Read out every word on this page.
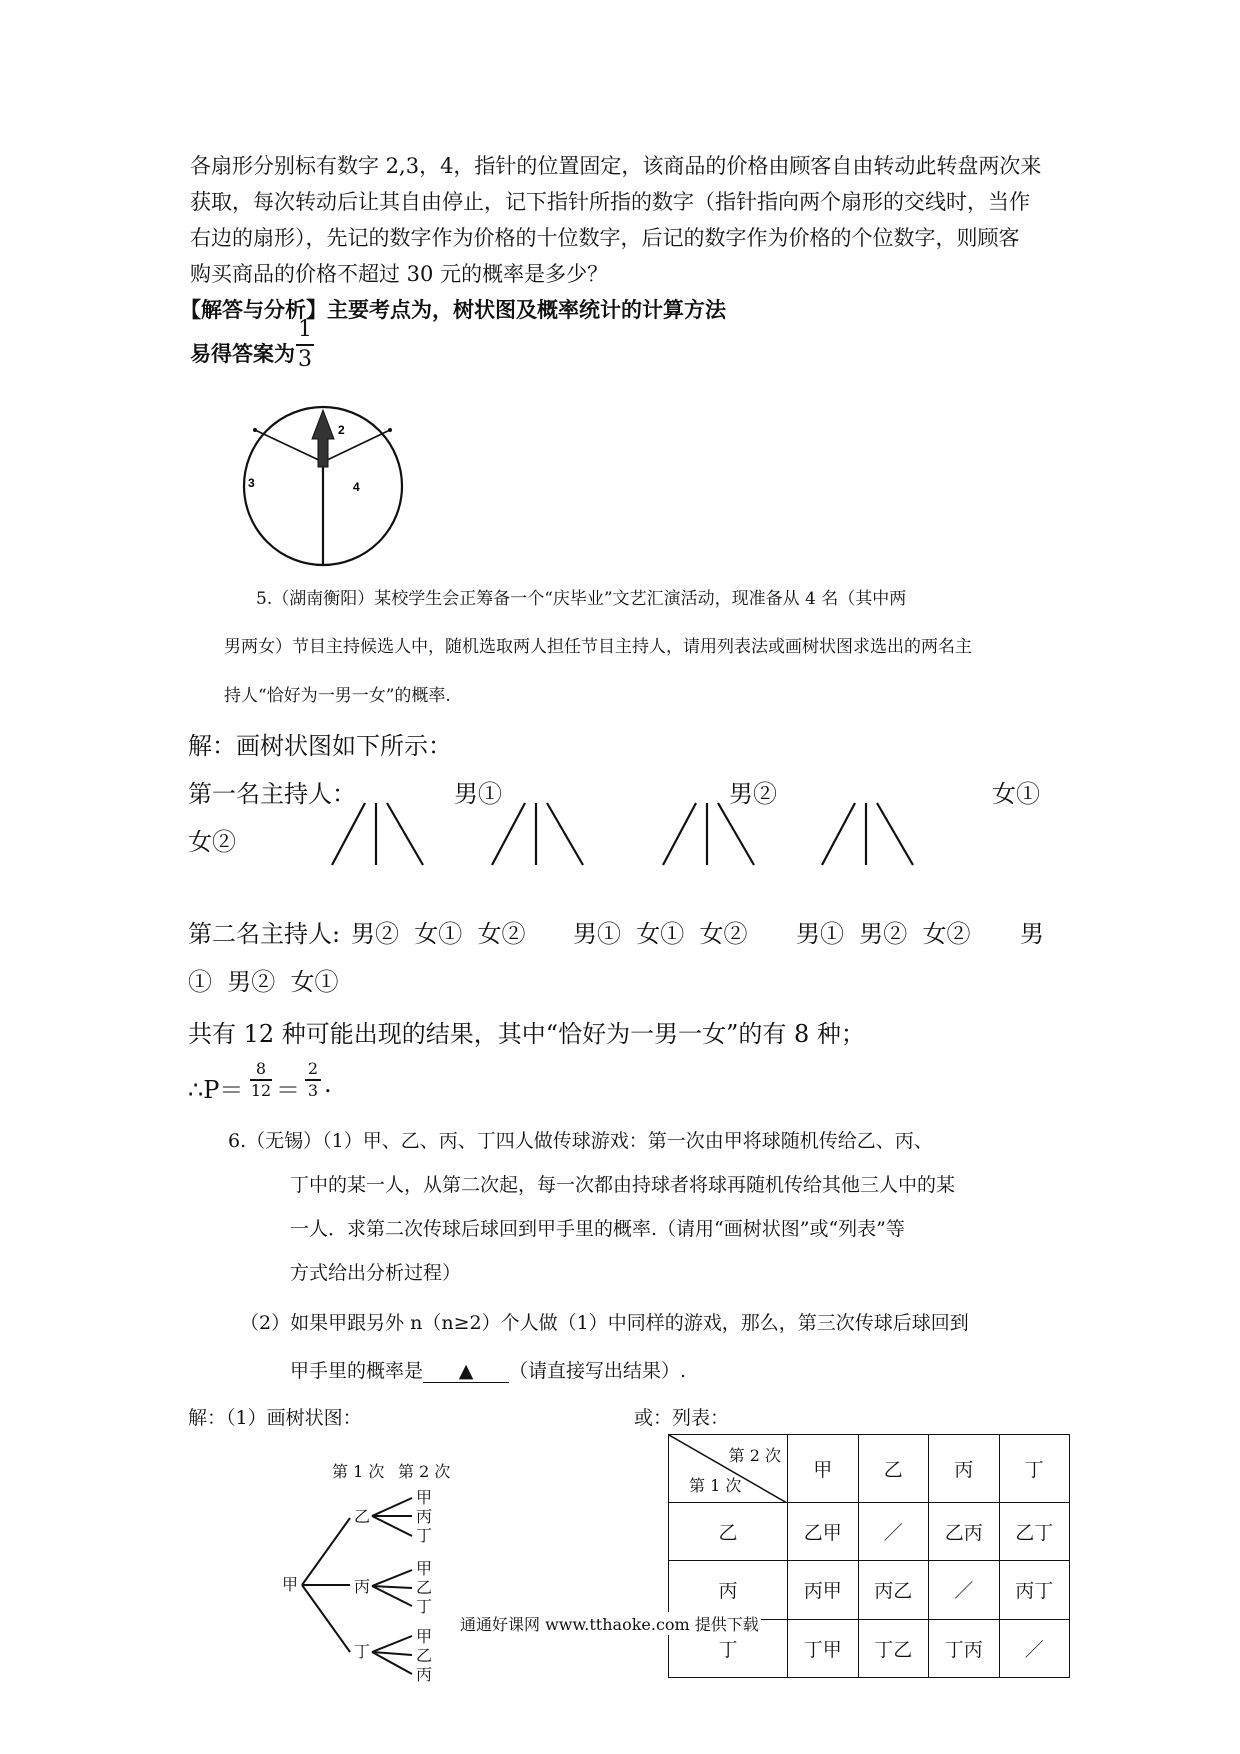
各扇形分别标有数字 2,3，4，指针的位置固定，该商品的价格由顾客自由转动此转盘两次来
获取，每次转动后让其自由停止，记下指针所指的数字（指针指向两个扇形的交线时，当作
右边的扇形），先记的数字作为价格的十位数字，后记的数字作为价格的个位数字，则顾客
购买商品的价格不超过 30 元的概率是多少？
【解答与分析】主要考点为，树状图及概率统计的计算方法
易得答案为
1
3
2
3	4
5.（湖南衡阳）某校学生会正筹备一个“庆毕业”文艺汇演活动，现准备从 4 名（其中两
男两女）节目主持候选人中，随机选取两人担任节目主持人，请用列表法或画树状图求选出的两名主
持人“恰好为一男一女”的概率.
解：画树状图如下所示：
第一名主持人：	男①	男②	女①
女②
第二名主持人: 男②  女①  女② 男①  女①  女② 男①  男②  女② 男
①  男②  女①
共有 12 种可能出现的结果，其中“恰好为一男一女”的有 8 种；
∴P＝
8
12 ＝
2
3 .
6.（无锡）（1）甲、乙、丙、丁四人做传球游戏：第一次由甲将球随机传给乙、丙、
丁中的某一人，从第二次起，每一次都由持球者将球再随机传给其他三人中的某
一人．求第二次传球后球回到甲手里的概率.（请用“画树状图”或“列表”等
方式给出分析过程）
（2）如果甲跟另外 n（n≥2）个人做（1）中同样的游戏，那么，第三次传球后球回到
甲手里的概率是 ▲ （请直接写出结果）.
解：（1）画树状图：	或：列表：
第 1 次 第 2 次
甲
乙
丙
丁
甲
丙
丁
甲
乙
丁
甲
乙
丙
第 2 次
第 1 次	甲	乙	丙	丁
乙	乙甲	／	乙丙	乙丁
丙	丙甲	丙乙	／	丙丁
丁	丁甲	丁乙	丁丙	／
通通好课网 www.tthaoke.com 提供下载
